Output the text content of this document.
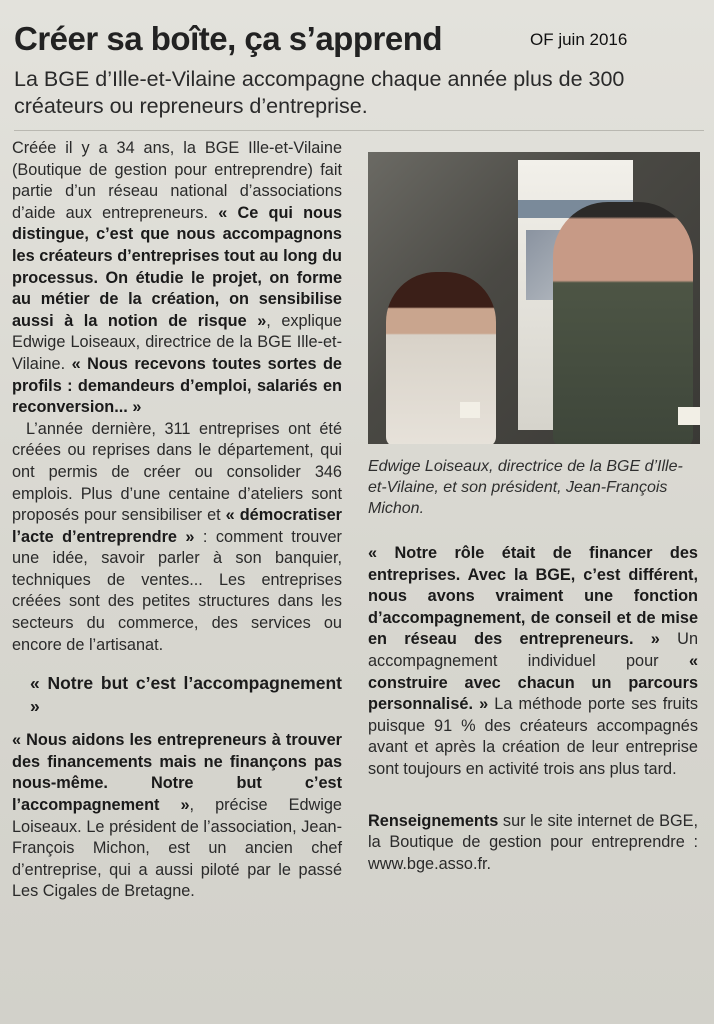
Créer sa boîte, ça s’apprend	OF juin 2016

La BGE d’Ille-et-Vilaine accompagne chaque année plus de 300 créateurs ou repreneurs d’entreprise.

Créée il y a 34 ans, la BGE Ille-et-Vilaine (Boutique de gestion pour entreprendre) fait partie d’un réseau national d’associations d’aide aux entrepreneurs. « Ce qui nous distingue, c’est que nous accompagnons les créateurs d’entreprises tout au long du processus. On étudie le projet, on forme au métier de la création, on sensibilise aussi à la notion de risque », explique Edwige Loiseaux, directrice de la BGE Ille-et-Vilaine. « Nous recevons toutes sortes de profils : demandeurs d’emploi, salariés en reconversion... »

L’année dernière, 311 entreprises ont été créées ou reprises dans le département, qui ont permis de créer ou consolider 346 emplois. Plus d’une centaine d’ateliers sont proposés pour sensibiliser et « démocratiser l’acte d’entreprendre » : comment trouver une idée, savoir parler à son banquier, techniques de ventes... Les entreprises créées sont des petites structures dans les secteurs du commerce, des services ou encore de l’artisanat.

« Notre but c’est l’accompagnement »

« Nous aidons les entrepreneurs à trouver des financements mais ne finançons pas nous-même. Notre but c’est l’accompagnement », précise Edwige Loiseaux. Le président de l’association, Jean-François Michon, est un ancien chef d’entreprise, qui a aussi piloté par le passé Les Cigales de Bretagne.

Edwige Loiseaux, directrice de la BGE d’Ille-et-Vilaine, et son président, Jean-François Michon.

« Notre rôle était de financer des entreprises. Avec la BGE, c’est différent, nous avons vraiment une fonction d’accompagnement, de conseil et de mise en réseau des entrepreneurs. » Un accompagnement individuel pour « construire avec chacun un parcours personnalisé. » La méthode porte ses fruits puisque 91 % des créateurs accompagnés avant et après la création de leur entreprise sont toujours en activité trois ans plus tard.

Renseignements sur le site internet de BGE, la Boutique de gestion pour entreprendre : www.bge.asso.fr.
